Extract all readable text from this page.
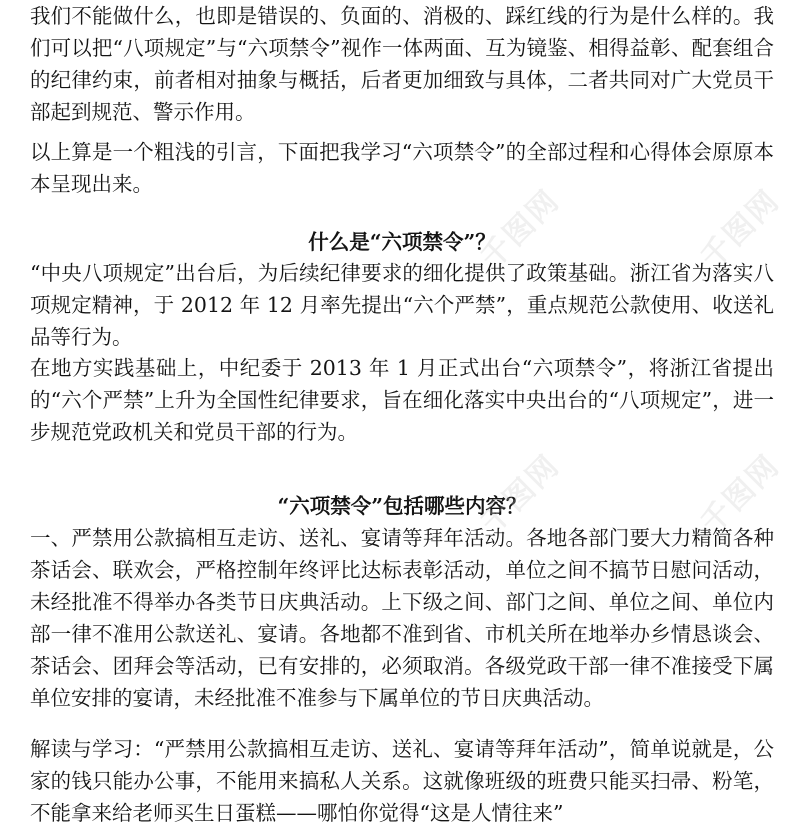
我们不能做什么，也即是错误的、负面的、消极的、踩红线的行为是什么样的。我们可以把“八项规定”与“六项禁令”视作一体两面、互为镜鉴、相得益彰、配套组合的纪律约束，前者相对抽象与概括，后者更加细致与具体，二者共同对广大党员干部起到规范、警示作用。

以上算是一个粗浅的引言，下面把我学习“六项禁令”的全部过程和心得体会原原本本呈现出来。

什么是“六项禁令”？

“中央八项规定”出台后，为后续纪律要求的细化提供了政策基础。浙江省为落实八项规定精神，于 2012 年 12 月率先提出“六个严禁”，重点规范公款使用、收送礼品等行为。

在地方实践基础上，中纪委于 2013 年 1 月正式出台“六项禁令”，将浙江省提出的“六个严禁”上升为全国性纪律要求，旨在细化落实中央出台的“八项规定”，进一步规范党政机关和党员干部的行为。

“六项禁令”包括哪些内容？

一、严禁用公款搞相互走访、送礼、宴请等拜年活动。各地各部门要大力精简各种茶话会、联欢会，严格控制年终评比达标表彰活动，单位之间不搞节日慰问活动，未经批准不得举办各类节日庆典活动。上下级之间、部门之间、单位之间、单位内部一律不准用公款送礼、宴请。各地都不准到省、市机关所在地举办乡情恳谈会、茶话会、团拜会等活动，已有安排的，必须取消。各级党政干部一律不准接受下属单位安排的宴请，未经批准不准参与下属单位的节日庆典活动。

解读与学习：“严禁用公款搞相互走访、送礼、宴请等拜年活动”，简单说就是，公家的钱只能办公事，不能用来搞私人关系。这就像班级的班费只能买扫帚、粉笔，不能拿来给老师买生日蛋糕——哪怕你觉得“这是人情往来”

千图网	千图网
千图网	千图网
